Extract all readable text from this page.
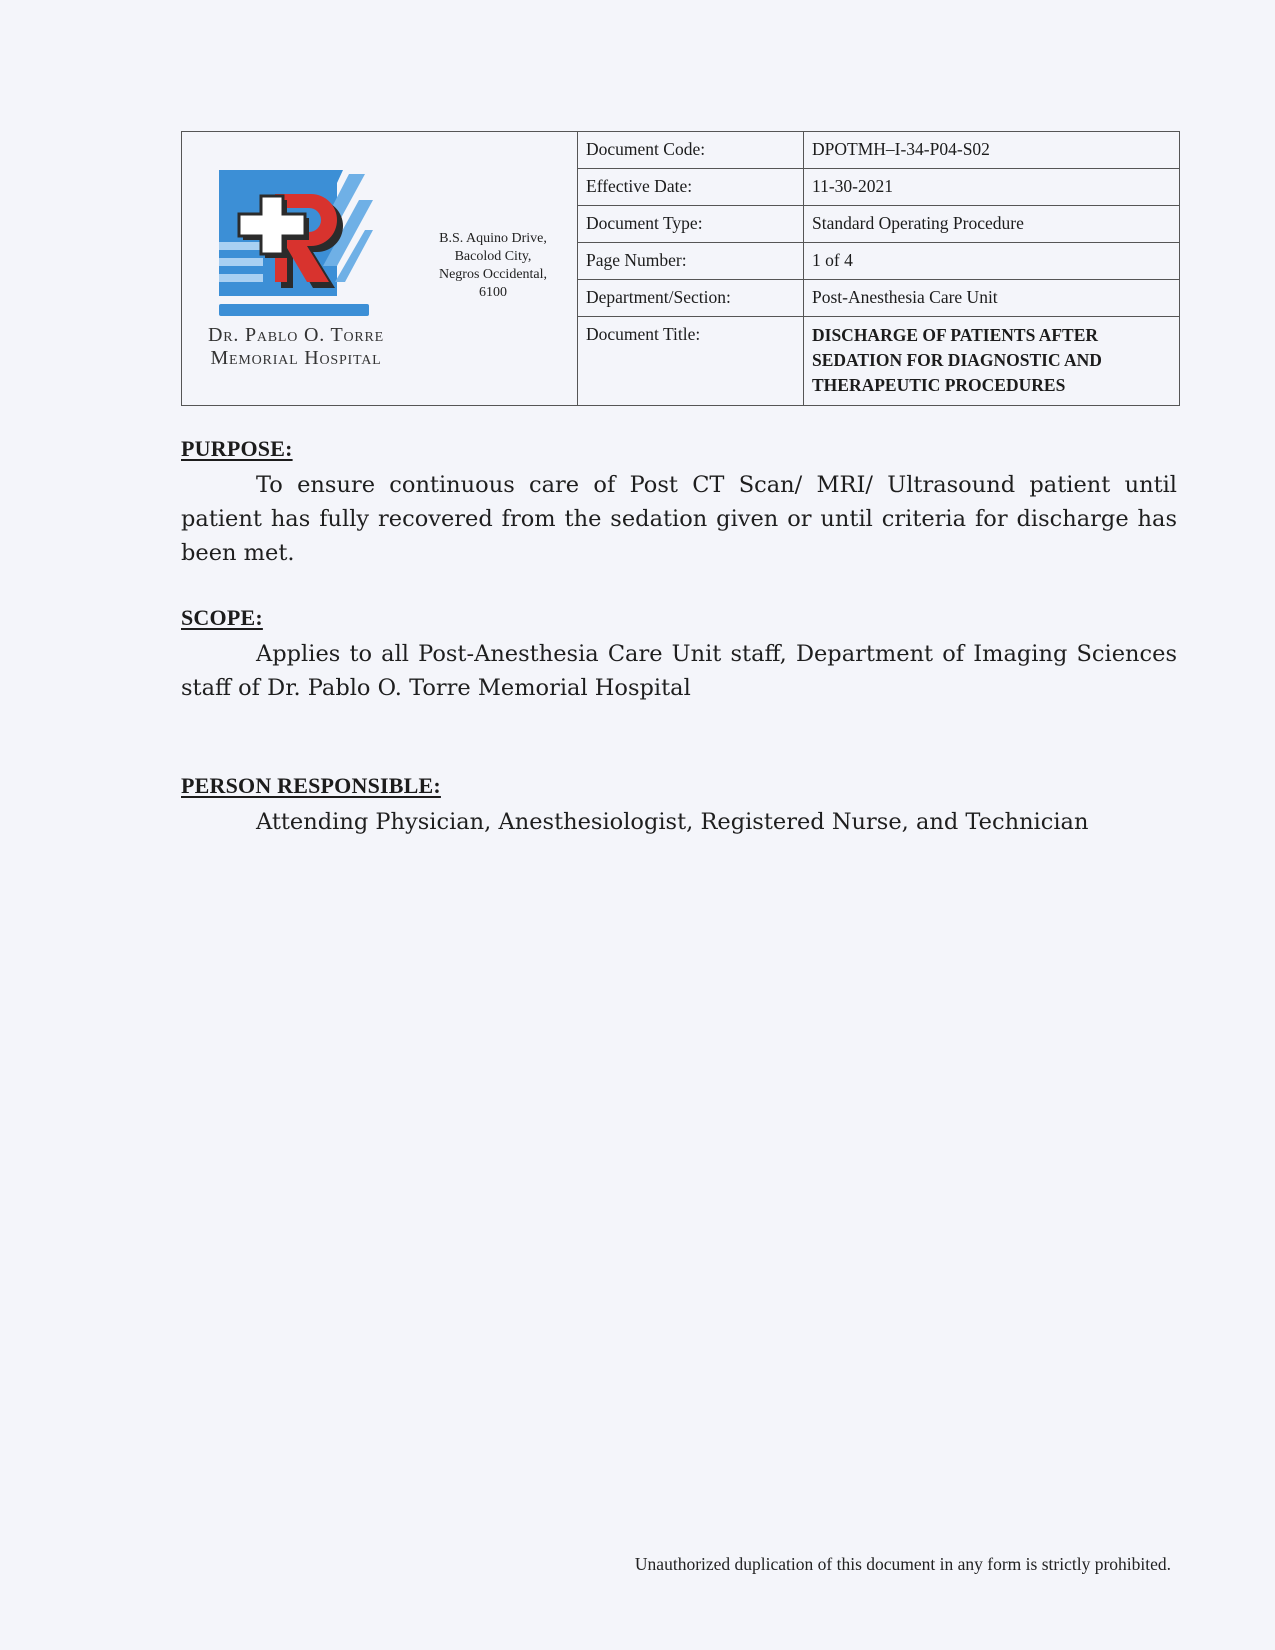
Dr. Pablo O. Torre
Memorial Hospital
B.S. Aquino Drive,
Bacolod City,
Negros Occidental,
6100
Document Code:	DPOTMH–I-34-P04-S02
Effective Date:	11-30-2021
Document Type:	Standard Operating Procedure
Page Number:	1 of 4
Department/Section:	Post-Anesthesia Care Unit
Document Title:	DISCHARGE OF PATIENTS AFTER
SEDATION FOR DIAGNOSTIC AND
THERAPEUTIC PROCEDURES
PURPOSE:

To ensure continuous care of Post CT Scan/ MRI/ Ultrasound patient until patient has fully recovered from the sedation given or until criteria for discharge has been met.

SCOPE:

Applies to all Post-Anesthesia Care Unit staff, Department of Imaging Sciences staff of Dr. Pablo O. Torre Memorial Hospital

PERSON RESPONSIBLE:

Attending Physician, Anesthesiologist, Registered Nurse, and Technician

Unauthorized duplication of this document in any form is strictly prohibited.
